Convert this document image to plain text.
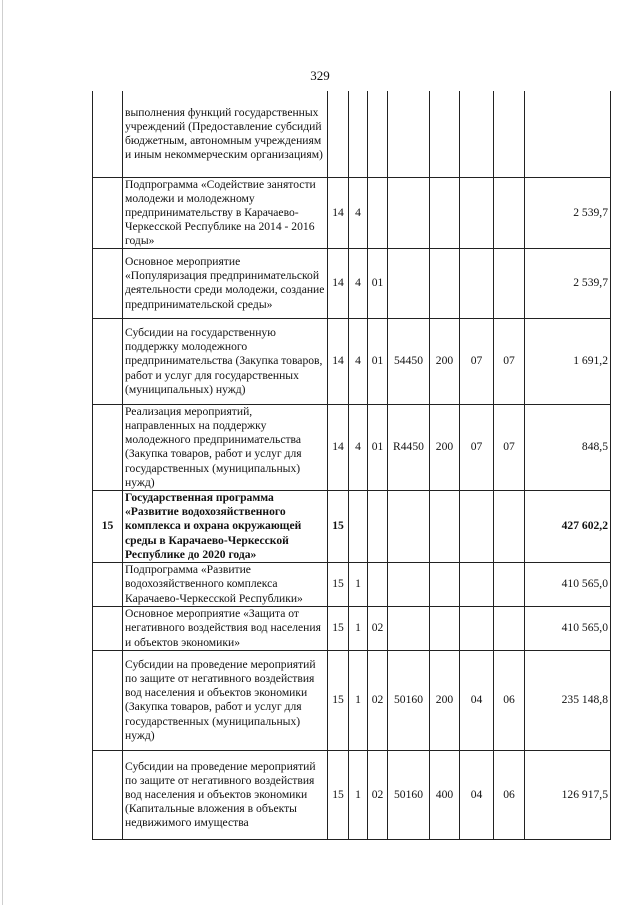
329
	выполнения функций государственных учреждений (Предоставление субсидий бюджетным, автономным учреждениям и иным некоммерческим организациям)								
	Подпрограмма «Содействие занятости молодежи и молодежному предпринимательству в Карачаево-Черкесской Республике на 2014 - 2016 годы»	14	4						2 539,7
	Основное мероприятие «Популяризация предпринимательской деятельности среди молодежи, создание предпринимательской среды»	14	4	01					2 539,7
	Субсидии на государственную поддержку молодежного предпринимательства (Закупка товаров, работ и услуг для государственных (муниципальных) нужд)	14	4	01	54450	200	07	07	1 691,2
	Реализация мероприятий, направленных на поддержку молодежного предпринимательства (Закупка товаров, работ и услуг для государственных (муниципальных) нужд)	14	4	01	R4450	200	07	07	848,5
15	Государственная программа «Развитие водохозяйственного комплекса и охрана окружающей среды в Карачаево-Черкесской Республике до 2020 года»	15							427 602,2
	Подпрограмма «Развитие водохозяйственного комплекса Карачаево-Черкесской Республики»	15	1						410 565,0
	Основное мероприятие «Защита от негативного воздействия вод населения и объектов экономики»	15	1	02					410 565,0
	Субсидии на проведение мероприятий по защите от негативного воздействия вод населения и объектов экономики (Закупка товаров, работ и услуг для государственных (муниципальных) нужд)	15	1	02	50160	200	04	06	235 148,8
	Субсидии на проведение мероприятий по защите от негативного воздействия вод населения и объектов экономики (Капитальные вложения в объекты недвижимого имущества	15	1	02	50160	400	04	06	126 917,5
